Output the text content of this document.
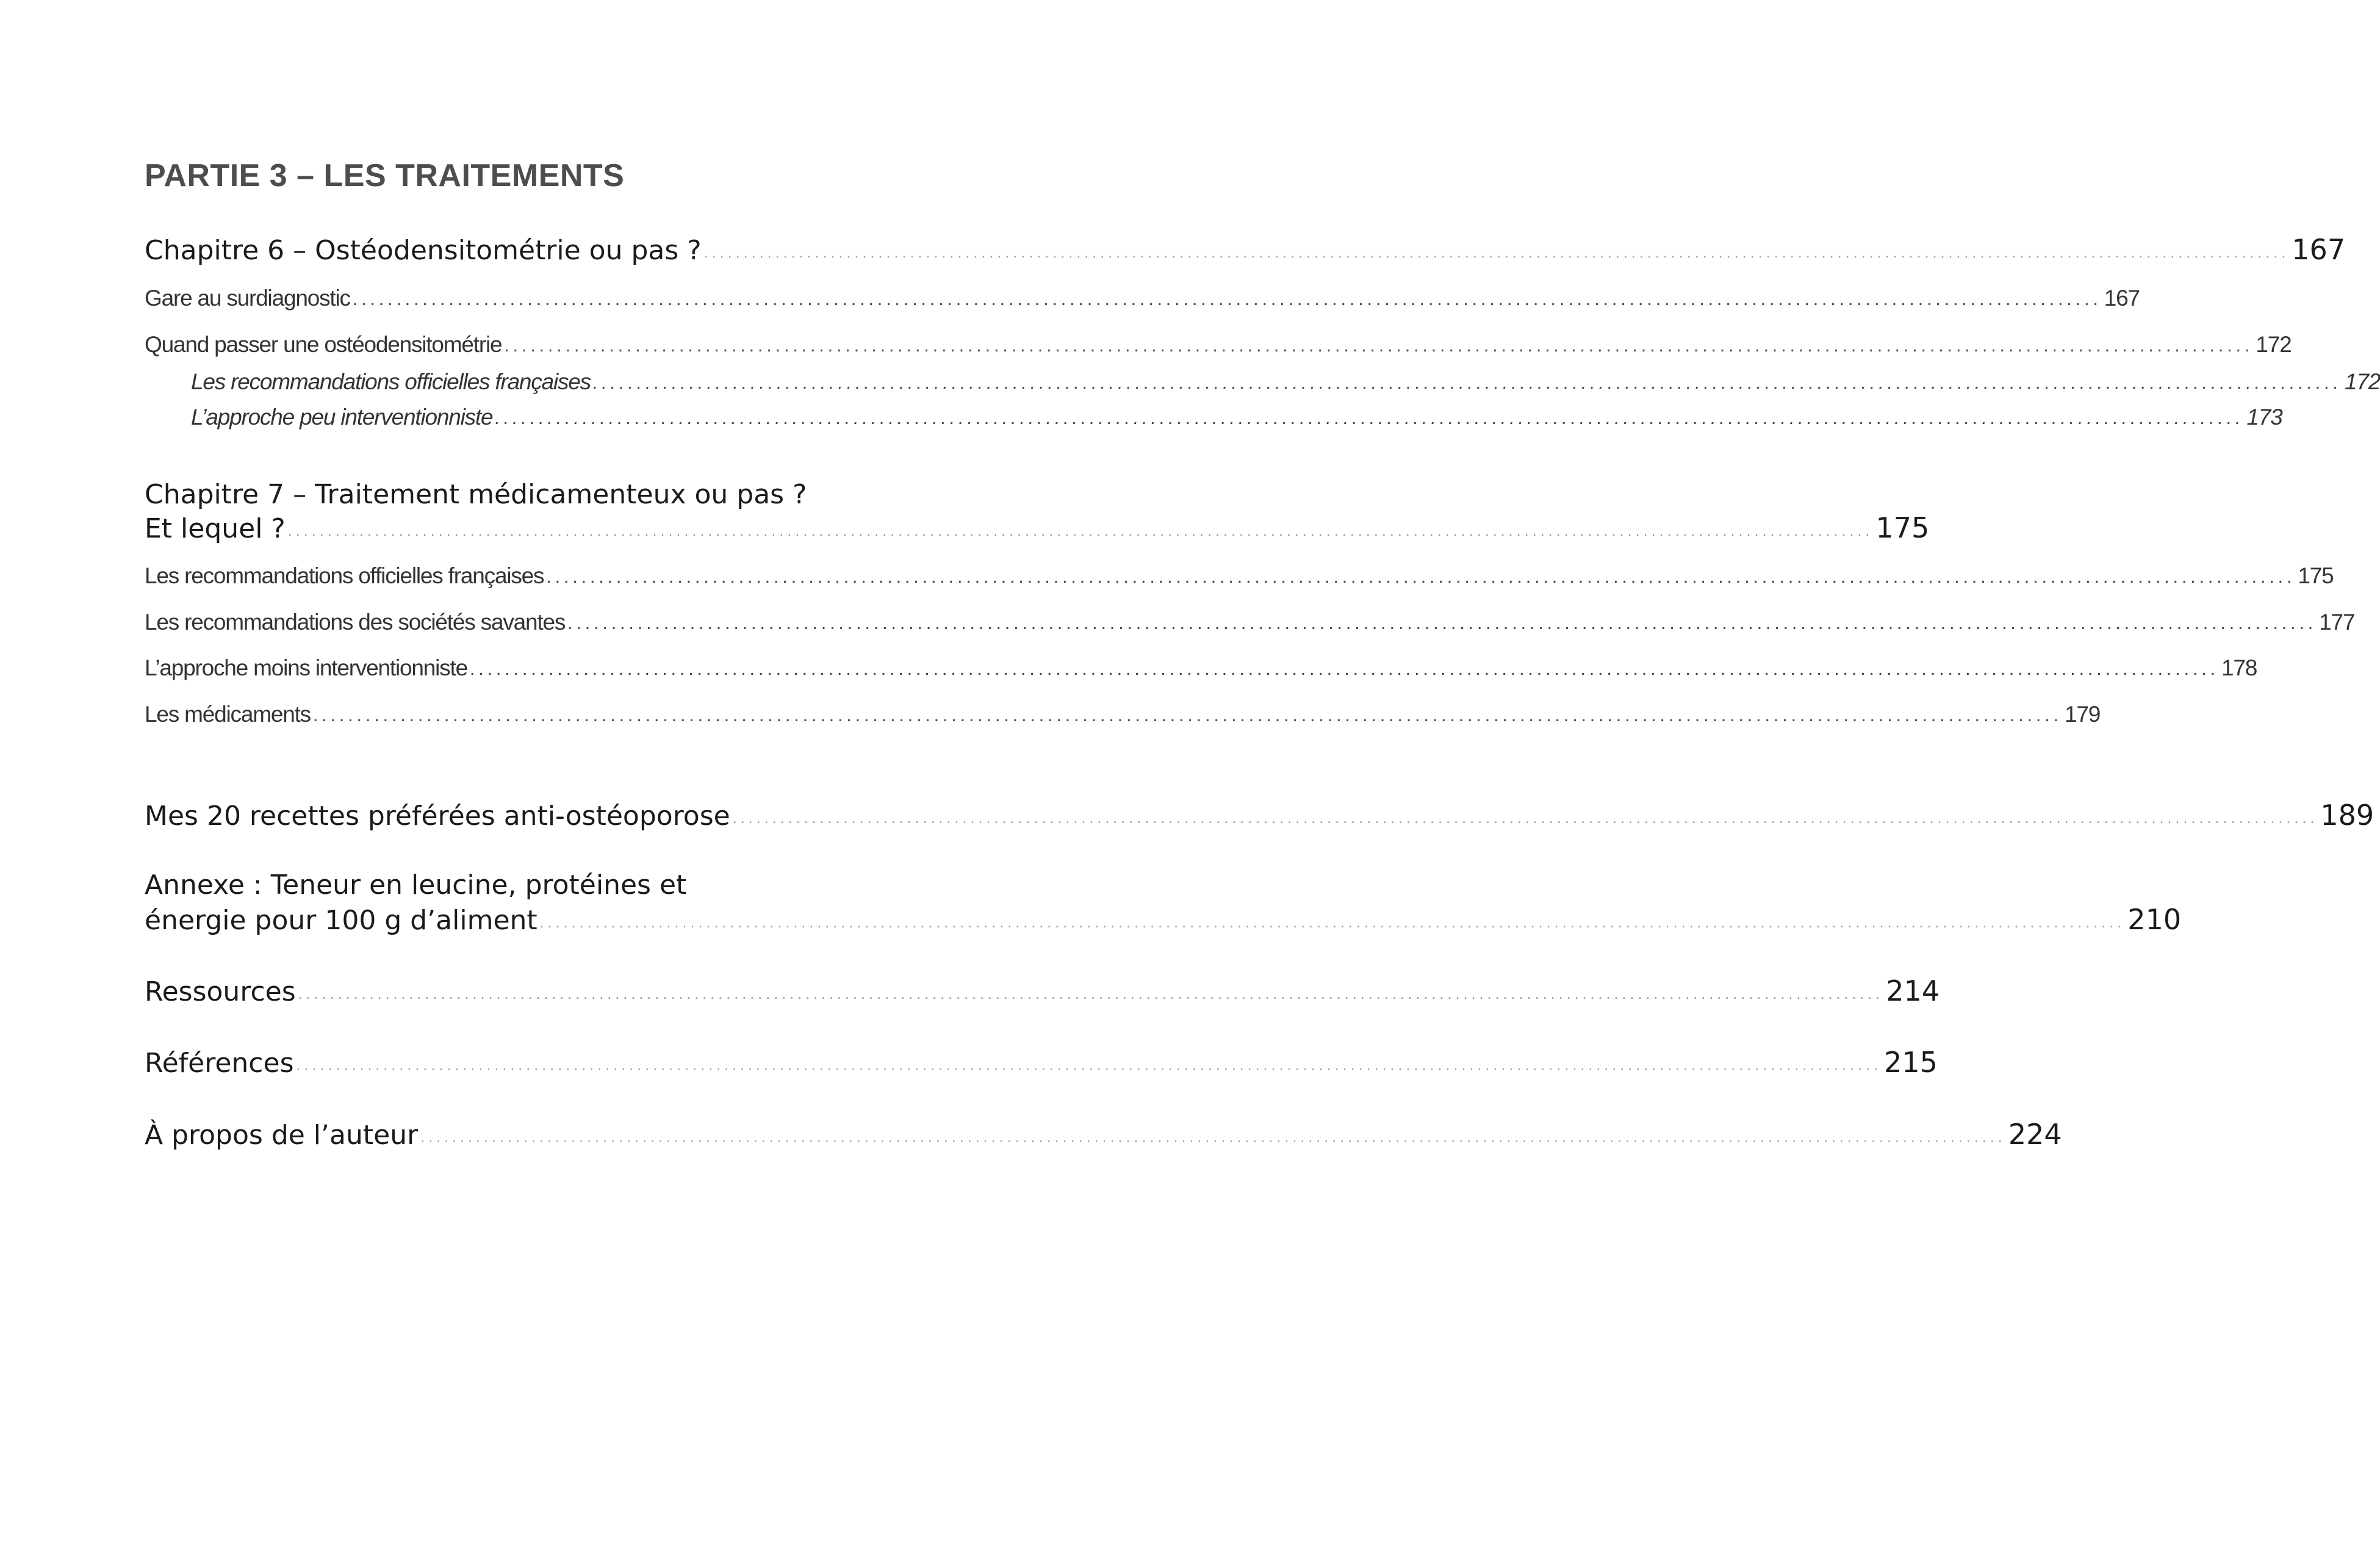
PARTIE 3 – LES TRAITEMENTS
Chapitre 6 – Ostéodensitométrie ou pas ? ........................................................................................................................................................................................................ 167
Gare au surdiagnostic ........................................................................................................................................................................................................ 167
Quand passer une ostéodensitométrie ........................................................................................................................................................................................................ 172
Les recommandations officielles françaises ........................................................................................................................................................................................................ 172
L’approche peu interventionniste ........................................................................................................................................................................................................ 173
Chapitre 7 – Traitement médicamenteux ou pas ?
Et lequel ? ........................................................................................................................................................................................................ 175
Les recommandations officielles françaises ........................................................................................................................................................................................................ 175
Les recommandations des sociétés savantes ........................................................................................................................................................................................................ 177
L’approche moins interventionniste ........................................................................................................................................................................................................ 178
Les médicaments ........................................................................................................................................................................................................ 179
Mes 20 recettes préférées anti-ostéoporose ........................................................................................................................................................................................................ 189
Annexe : Teneur en leucine, protéines et
énergie pour 100 g d’aliment ........................................................................................................................................................................................................ 210
Ressources ........................................................................................................................................................................................................ 214
Références ........................................................................................................................................................................................................ 215
À propos de l’auteur ........................................................................................................................................................................................................ 224
